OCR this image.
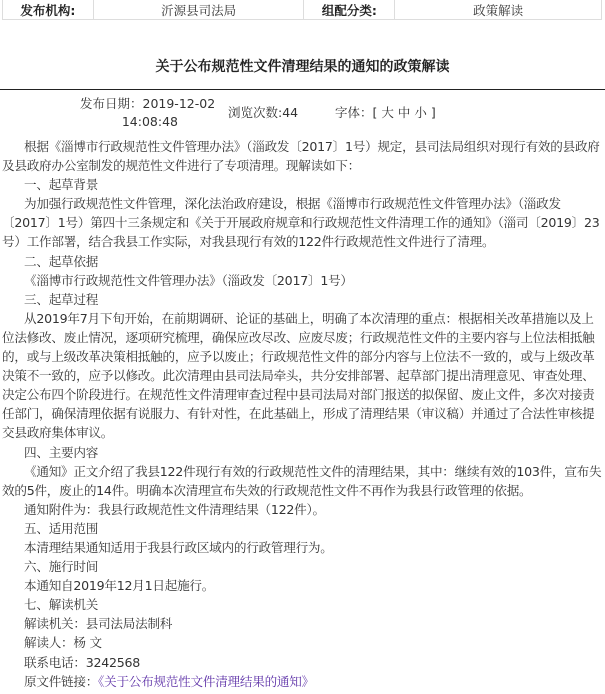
发布机构:	沂源县司法局	组配分类:	政策解读
关于公布规范性文件清理结果的通知的政策解读
发布日期：2019-12-02
14:08:48
浏览次数:44	字体：[ 大 中 小 ]

根据《淄博市行政规范性文件管理办法》（淄政发〔2017〕1号）规定，县司法局组织对现行有效的县政府及县政府办公室制发的规范性文件进行了专项清理。现解读如下：

一、起草背景

为加强行政规范性文件管理，深化法治政府建设，根据《淄博市行政规范性文件管理办法》（淄政发〔2017〕1号）第四十三条规定和《关于开展政府规章和行政规范性文件清理工作的通知》（淄司〔2019〕23号）工作部署，结合我县工作实际，对我县现行有效的122件行政规范性文件进行了清理。

二、起草依据

《淄博市行政规范性文件管理办法》（淄政发〔2017〕1号）

三、起草过程

从2019年7月下旬开始，在前期调研、论证的基础上，明确了本次清理的重点：根据相关改革措施以及上位法修改、废止情况，逐项研究梳理，确保应改尽改、应废尽废；行政规范性文件的主要内容与上位法相抵触的，或与上级改革决策相抵触的，应予以废止；行政规范性文件的部分内容与上位法不一致的，或与上级改革决策不一致的，应予以修改。此次清理由县司法局牵头，共分安排部署、起草部门提出清理意见、审查处理、决定公布四个阶段进行。在规范性文件清理审查过程中县司法局对部门报送的拟保留、废止文件，多次对接责任部门，确保清理依据有说服力、有针对性，在此基础上，形成了清理结果（审议稿）并通过了合法性审核提交县政府集体审议。

四、主要内容

《通知》正文介绍了我县122件现行有效的行政规范性文件的清理结果，其中：继续有效的103件，宣布失效的5件，废止的14件。明确本次清理宣布失效的行政规范性文件不再作为我县行政管理的依据。

通知附件为：我县行政规范性文件清理结果（122件）。

五、适用范围

本清理结果通知适用于我县行政区域内的行政管理行为。

六、施行时间

本通知自2019年12月1日起施行。

七、解读机关

解读机关：县司法局法制科

解读人：杨 文

联系电话：3242568

原文件链接：《关于公布规范性文件清理结果的通知》
